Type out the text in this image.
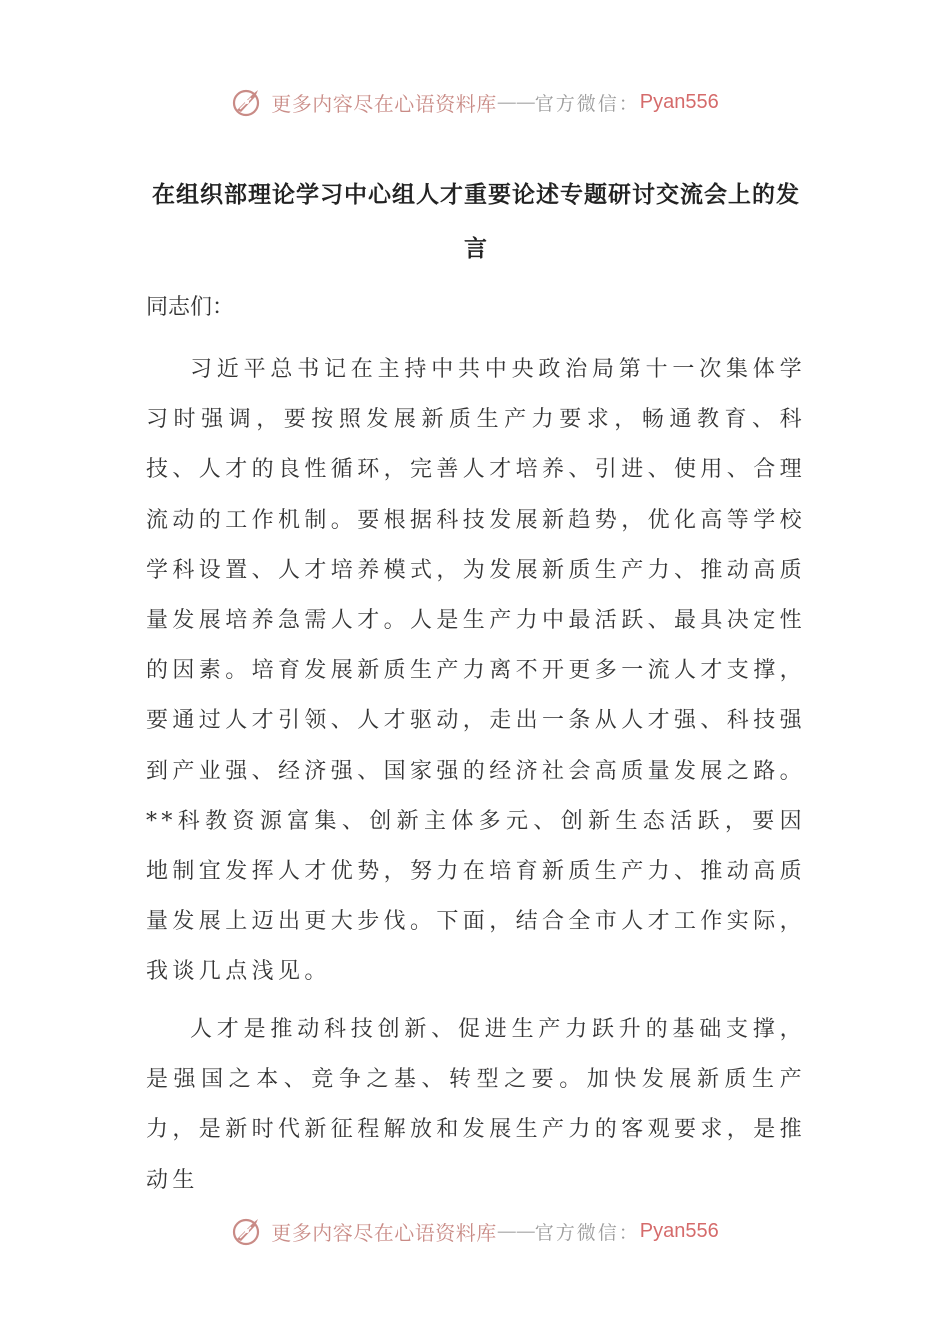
更多内容尽在心语资料库 —— 官方微信： Pyan556
在组织部理论学习中心组人才重要论述专题研讨交流会上的发言

同志们：

习近平总书记在主持中共中央政治局第十一次集体学习时强调，要按照发展新质生产力要求，畅通教育、科技、人才的良性循环，完善人才培养、引进、使用、合理流动的工作机制。要根据科技发展新趋势，优化高等学校学科设置、人才培养模式，为发展新质生产力、推动高质量发展培养急需人才。人是生产力中最活跃、最具决定性的因素。培育发展新质生产力离不开更多一流人才支撑，要通过人才引领、人才驱动，走出一条从人才强、科技强到产业强、经济强、国家强的经济社会高质量发展之路。**科教资源富集、创新主体多元、创新生态活跃，要因地制宜发挥人才优势，努力在培育新质生产力、推动高质量发展上迈出更大步伐。下面，结合全市人才工作实际，我谈几点浅见。

人才是推动科技创新、促进生产力跃升的基础支撑，是强国之本、竞争之基、转型之要。加快发展新质生产力，是新时代新征程解放和发展生产力的客观要求，是推动生

更多内容尽在心语资料库 —— 官方微信： Pyan556
